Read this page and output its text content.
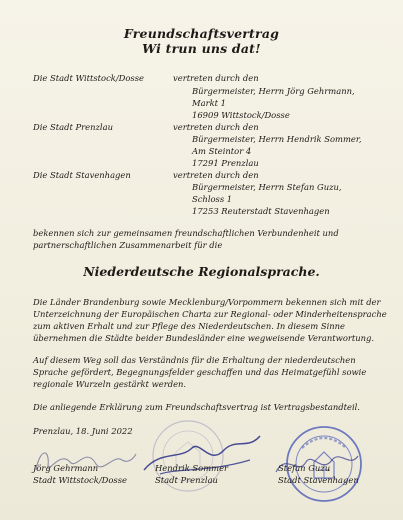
Freundschaftsvertrag
Wi trun uns dat!
Die Stadt Wittstock/Dosse	vertreten durch den
Bürgermeister, Herrn Jörg Gehrmann,
Markt 1
16909 Wittstock/Dosse
Die Stadt Prenzlau	vertreten durch den
Bürgermeister, Herrn Hendrik Sommer,
Am Steintor 4
17291 Prenzlau
Die Stadt Stavenhagen	vertreten durch den
Bürgermeister, Herrn Stefan Guzu,
Schloss 1
17253 Reuterstadt Stavenhagen
bekennen sich zur gemeinsamen freundschaftlichen Verbundenheit und
partnerschaftlichen Zusammenarbeit für die
Niederdeutsche Regionalsprache.
Die Länder Brandenburg sowie Mecklenburg/Vorpommern bekennen sich mit der
Unterzeichnung der Europäischen Charta zur Regional- oder Minderheitensprache
zum aktiven Erhalt und zur Pflege des Niederdeutschen. In diesem Sinne
übernehmen die Städte beider Bundesländer eine wegweisende Verantwortung.
Auf diesem Weg soll das Verständnis für die Erhaltung der niederdeutschen
Sprache gefördert, Begegnungsfelder geschaffen und das Heimatgefühl sowie
regionale Wurzeln gestärkt werden.
Die anliegende Erklärung zum Freundschaftsvertrag ist Vertragsbestandteil.
Prenzlau, 18. Juni 2022
Jörg Gehrmann
Stadt Wittstock/Dosse
Hendrik Sommer
Stadt Prenzlau
Stefan Guzu
Stadt Stavenhagen
